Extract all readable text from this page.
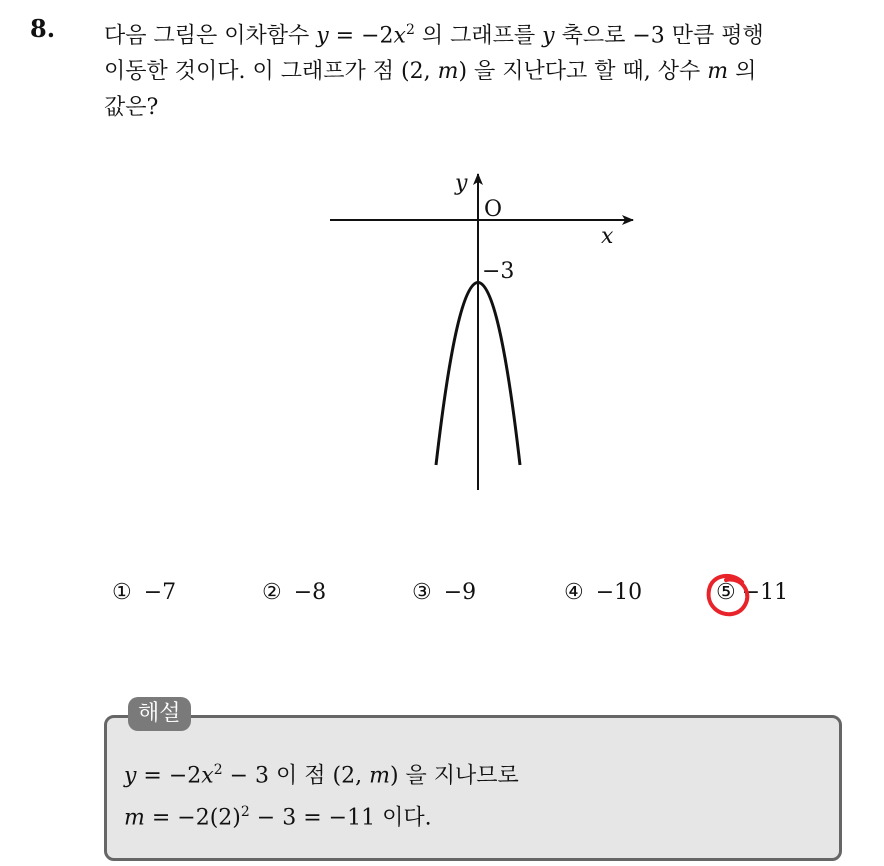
8. 다음 그림은 이차함수 $y = -2x^2$ 의 그래프를 y 축으로 −3 만큼 평행
이동한 것이다. 이 그래프가 점 (2, m) 을 지난다고 할 때, 상수 m 의
값은?
y
x
O
−3
① −7	② −8	③ −9	④ −10	⑤ −11
해설
$y = -2x^2 - 3$ 이 점 (2, m) 을 지나므로
$m = -2(2)^2 - 3 = -11$ 이다.
